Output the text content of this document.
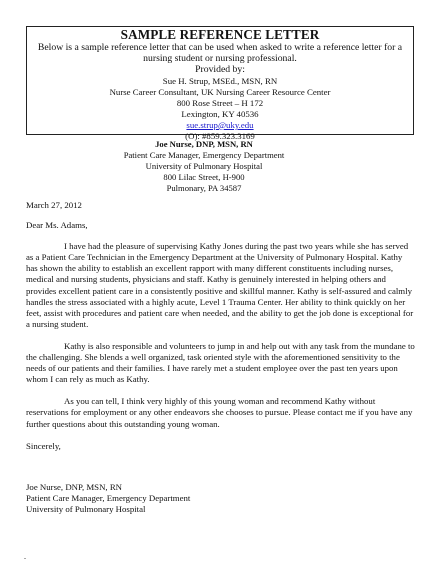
SAMPLE REFERENCE LETTER
Below is a sample reference letter that can be used when asked to write a reference letter for a nursing student or nursing professional.
Provided by:
Sue H. Strup, MSEd., MSN, RN
Nurse Career Consultant, UK Nursing Career Resource Center
800 Rose Street – H 172
Lexington, KY 40536
sue.strup@uky.edu
(O): #859.323.3169
Joe Nurse, DNP, MSN, RN
Patient Care Manager, Emergency Department
University of Pulmonary Hospital
800 Lilac Street, H-900
Pulmonary, PA 34587

March 27, 2012

Dear Ms. Adams,

I have had the pleasure of supervising Kathy Jones during the past two years while she has served as a Patient Care Technician in the Emergency Department at the University of Pulmonary Hospital. Kathy has shown the ability to establish an excellent rapport with many different constituents including nurses, medical and nursing students, physicians and staff. Kathy is genuinely interested in helping others and provides excellent patient care in a consistently positive and skillful manner. Kathy is self-assured and calmly handles the stress associated with a highly acute, Level 1 Trauma Center. Her ability to think quickly on her feet, assist with procedures and patient care when needed, and the ability to get the job done is exceptional for a nursing student.

Kathy is also responsible and volunteers to jump in and help out with any task from the mundane to the challenging. She blends a well organized, task oriented style with the aforementioned sensitivity to the needs of our patients and their families. I have rarely met a student employee over the past ten years upon whom I can rely as much as Kathy.

As you can tell, I think very highly of this young woman and recommend Kathy without reservations for employment or any other endeavors she chooses to pursue. Please contact me if you have any further questions about this outstanding young woman.

Sincerely,

Joe Nurse, DNP, MSN, RN

Patient Care Manager, Emergency Department

University of Pulmonary Hospital

.
